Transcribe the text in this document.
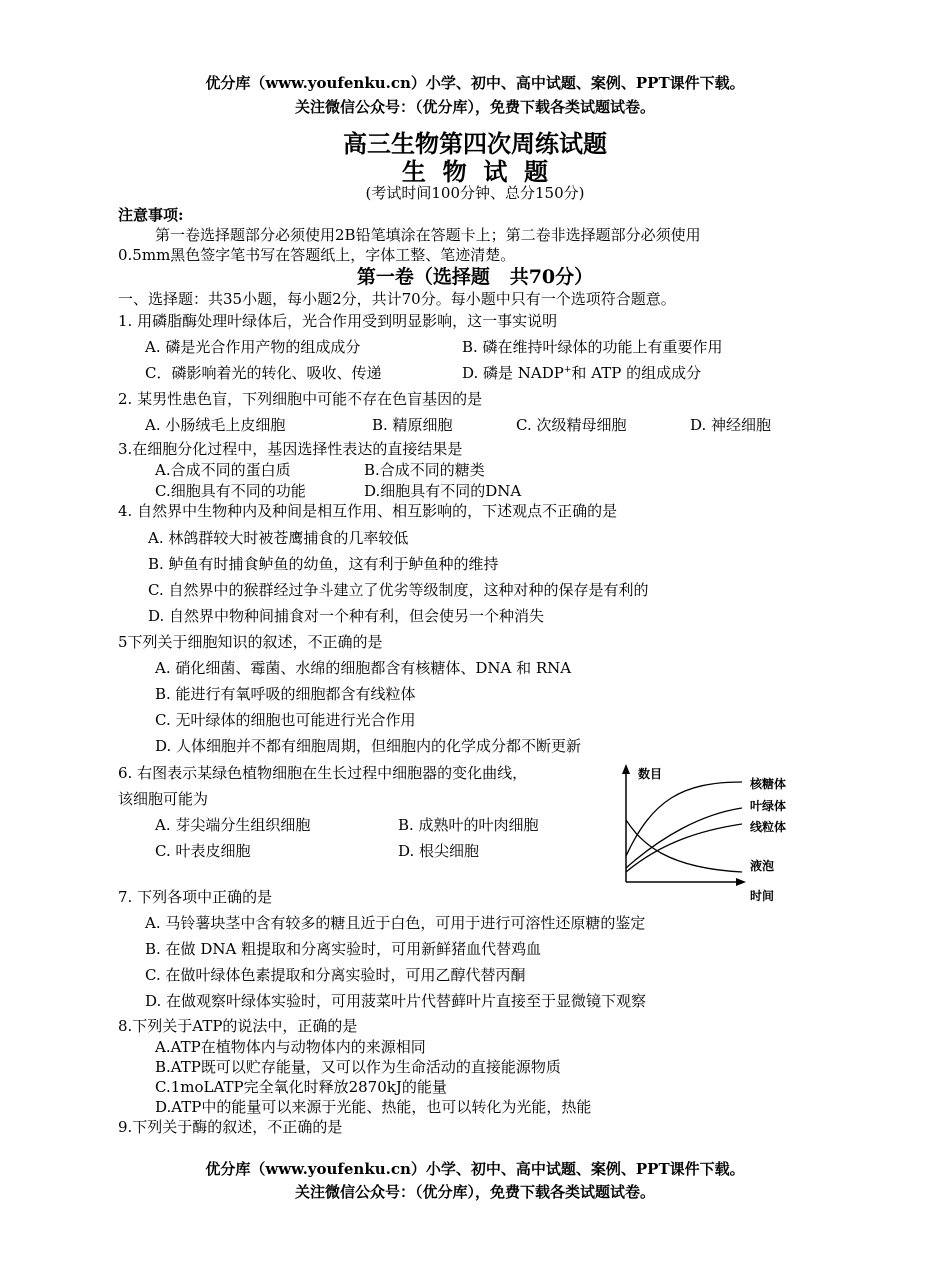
优分库（www.youfenku.cn）小学、初中、高中试题、案例、PPT课件下载。
关注微信公众号：（优分库），免费下载各类试题试卷。
高三生物第四次周练试题
生  物  试  题
(考试时间100分钟、总分150分)
注意事项:
第一卷选择题部分必须使用2B铅笔填涂在答题卡上；第二卷非选择题部分必须使用
0.5mm黑色签字笔书写在答题纸上，字体工整、笔迹清楚。
第一卷（选择题   共70分）
一、选择题：共35小题，每小题2分，共计70分。每小题中只有一个选项符合题意。
1. 用磷脂酶处理叶绿体后，光合作用受到明显影响，这一事实说明
A. 磷是光合作用产物的组成成分	B. 磷在维持叶绿体的功能上有重要作用
C．磷影响着光的转化、吸收、传递	D. 磷是 NADP+和 ATP 的组成成分
2. 某男性患色盲，下列细胞中可能不存在色盲基因的是
A. 小肠绒毛上皮细胞	B. 精原细胞	C. 次级精母细胞	D. 神经细胞
3.在细胞分化过程中，基因选择性表达的直接结果是
A.合成不同的蛋白质	B.合成不同的糖类
C.细胞具有不同的功能	D.细胞具有不同的DNA
4. 自然界中生物种内及种间是相互作用、相互影响的，下述观点不正确的是
A. 林鸽群较大时被苍鹰捕食的几率较低
B. 鲈鱼有时捕食鲈鱼的幼鱼，这有利于鲈鱼种的维持
C. 自然界中的猴群经过争斗建立了优劣等级制度，这种对种的保存是有利的
D. 自然界中物种间捕食对一个种有利，但会使另一个种消失
5下列关于细胞知识的叙述，不正确的是
A. 硝化细菌、霉菌、水绵的细胞都含有核糖体、DNA 和 RNA
B. 能进行有氧呼吸的细胞都含有线粒体
C. 无叶绿体的细胞也可能进行光合作用
D. 人体细胞并不都有细胞周期，但细胞内的化学成分都不断更新
6. 右图表示某绿色植物细胞在生长过程中细胞器的变化曲线，
该细胞可能为
A. 芽尖端分生组织细胞	B. 成熟叶的叶肉细胞
C. 叶表皮细胞	D. 根尖细胞
数目
核糖体
叶绿体
线粒体
液泡
时间
7. 下列各项中正确的是
A. 马铃薯块茎中含有较多的糖且近于白色，可用于进行可溶性还原糖的鉴定
B. 在做 DNA 粗提取和分离实验时，可用新鲜猪血代替鸡血
C. 在做叶绿体色素提取和分离实验时，可用乙醇代替丙酮
D. 在做观察叶绿体实验时，可用菠菜叶片代替藓叶片直接至于显微镜下观察
8.下列关于ATP的说法中，正确的是
A.ATP在植物体内与动物体内的来源相同
B.ATP既可以贮存能量，又可以作为生命活动的直接能源物质
C.1moLATP完全氧化时释放2870kJ的能量
D.ATP中的能量可以来源于光能、热能，也可以转化为光能，热能
9.下列关于酶的叙述，不正确的是
优分库（www.youfenku.cn）小学、初中、高中试题、案例、PPT课件下载。
关注微信公众号：（优分库），免费下载各类试题试卷。
